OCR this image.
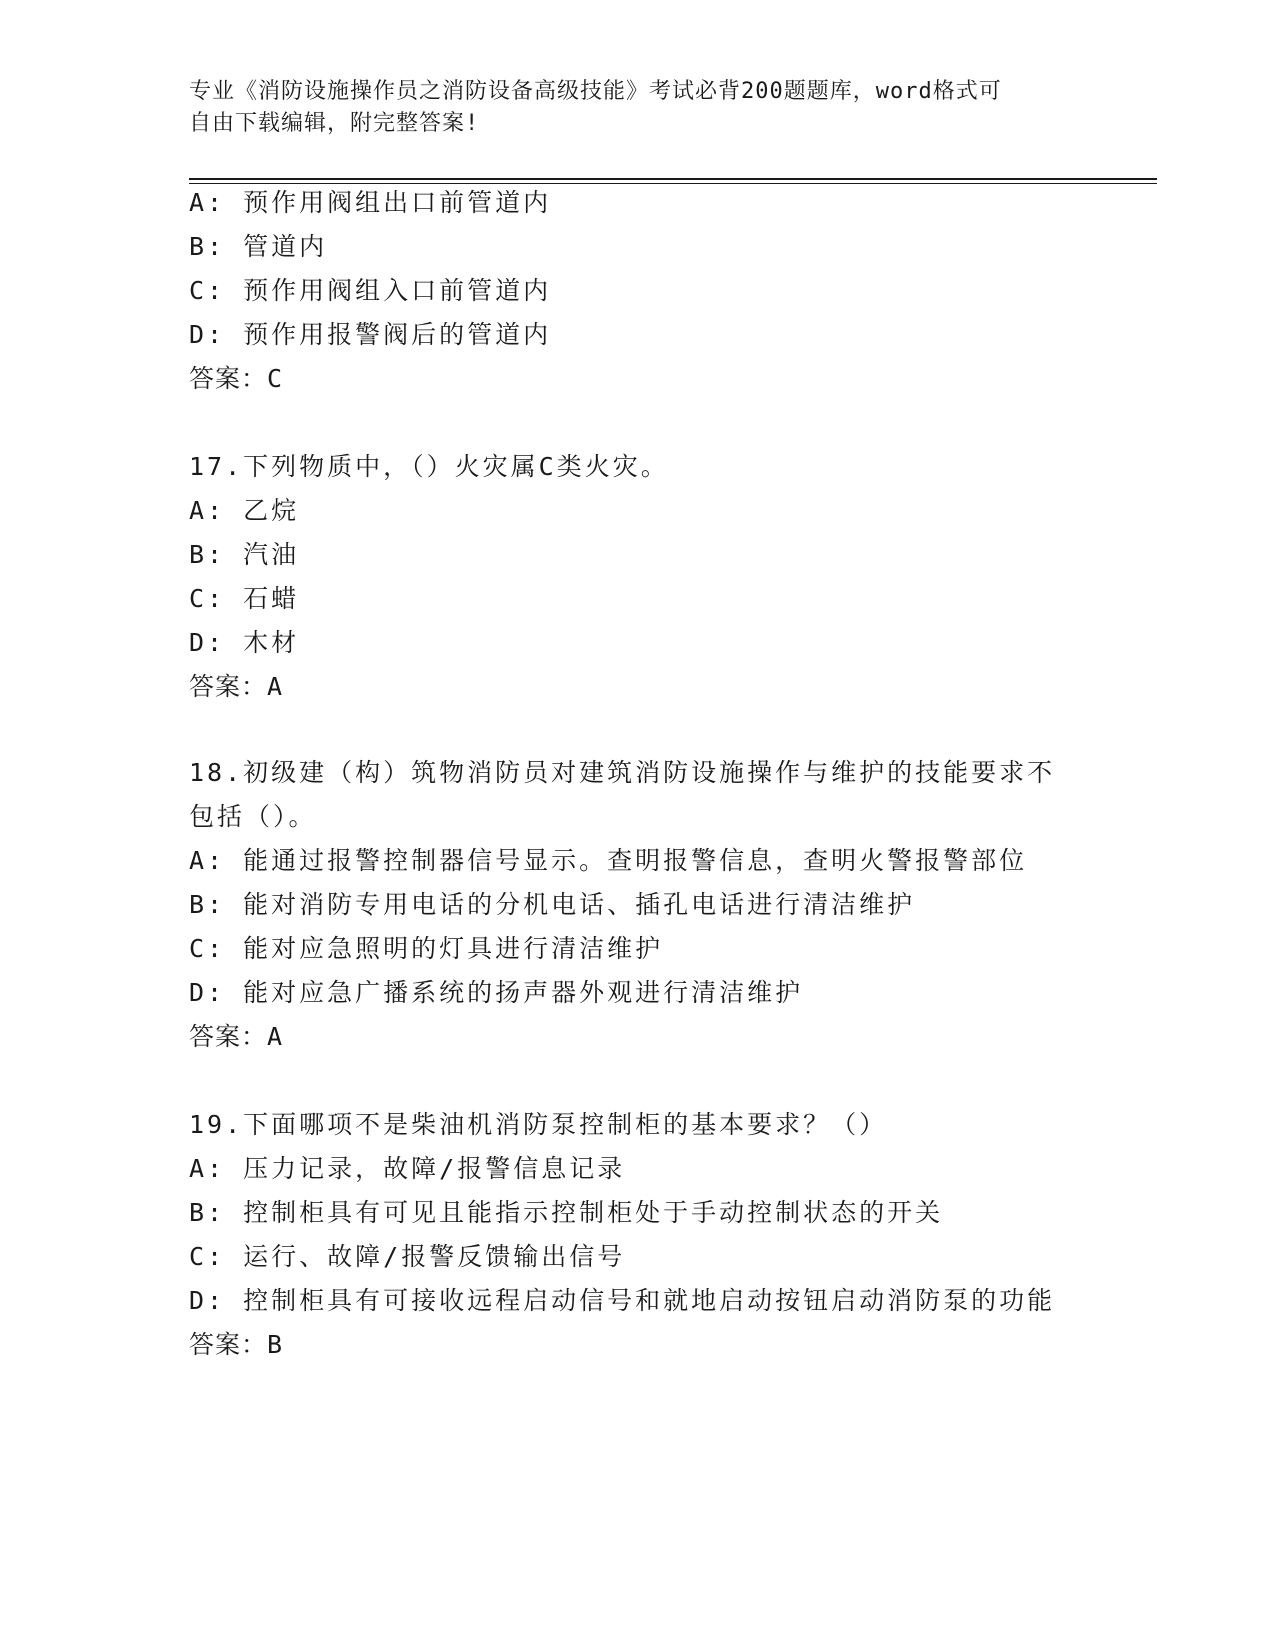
专业《消防设施操作员之消防设备高级技能》考试必背200题题库，word格式可
自由下载编辑，附完整答案!
A: 预作用阀组出口前管道内
B: 管道内
C: 预作用阀组入口前管道内
D: 预作用报警阀后的管道内
答案：C
17.下列物质中，（）火灾属C类火灾。
A: 乙烷
B: 汽油
C: 石蜡
D: 木材
答案：A
18.初级建（构）筑物消防员对建筑消防设施操作与维护的技能要求不
包括（）。
A: 能通过报警控制器信号显示。查明报警信息，查明火警报警部位
B: 能对消防专用电话的分机电话、插孔电话进行清洁维护
C: 能对应急照明的灯具进行清洁维护
D: 能对应急广播系统的扬声器外观进行清洁维护
答案：A
19.下面哪项不是柴油机消防泵控制柜的基本要求？（）
A: 压力记录，故障/报警信息记录
B: 控制柜具有可见且能指示控制柜处于手动控制状态的开关
C: 运行、故障/报警反馈输出信号
D: 控制柜具有可接收远程启动信号和就地启动按钮启动消防泵的功能
答案：B
